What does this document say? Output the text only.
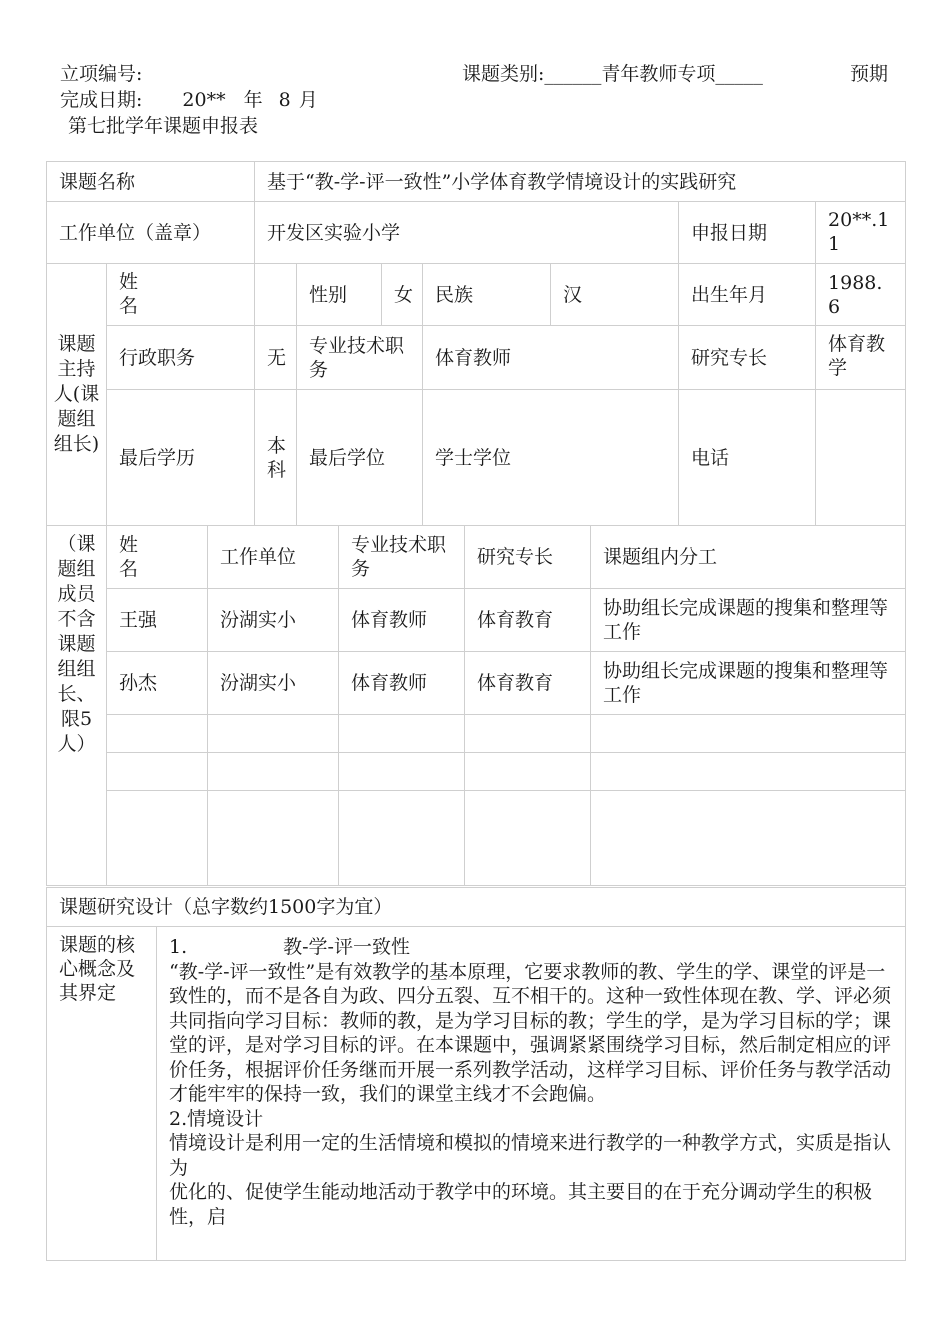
立项编号:	课题类别:______青年教师专项_____	预期
完成日期: 20** 年 8 月
第七批学年课题申报表
课题名称		基于“教-学-评一致性”小学体育教学情境设计的实践研究						
工作单位（盖章）		开发区实验小学					申报日期	20**.11
课题主持人(课题组组长)	姓名		性别	女	民族	汉	出生年月	1988.6
	行政职务	无	专业技术职务		体育教师		研究专长	体育教学
	最后学历	本科	最后学位		学士学位		电话	
（课题组成员不含课题组组长、限5人）	姓名	工作单位	专业技术职务	研究专长	课题组内分工
	王强	汾湖实小	体育教师	体育教育	协助组长完成课题的搜集和整理等工作
	孙杰	汾湖实小	体育教师	体育教育	协助组长完成课题的搜集和整理等工作

课题研究设计（总字数约1500字为宜）
课题的核心概念及其界定	

1.	教-学-评一致性

“教-学-评一致性”是有效教学的基本原理，它要求教师的教、学生的学、课堂的评是一致性的，而不是各自为政、四分五裂、互不相干的。这种一致性体现在教、学、评必须共同指向学习目标：教师的教，是为学习目标的教；学生的学，是为学习目标的学；课堂的评，是对学习目标的评。在本课题中，强调紧紧围绕学习目标，然后制定相应的评价任务，根据评价任务继而开展一系列教学活动，这样学习目标、评价任务与教学活动才能牢牢的保持一致，我们的课堂主线才不会跑偏。

2.情境设计

情境设计是利用一定的生活情境和模拟的情境来进行教学的一种教学方式，实质是指认为

优化的、促使学生能动地活动于教学中的环境。其主要目的在于充分调动学生的积极性，启
